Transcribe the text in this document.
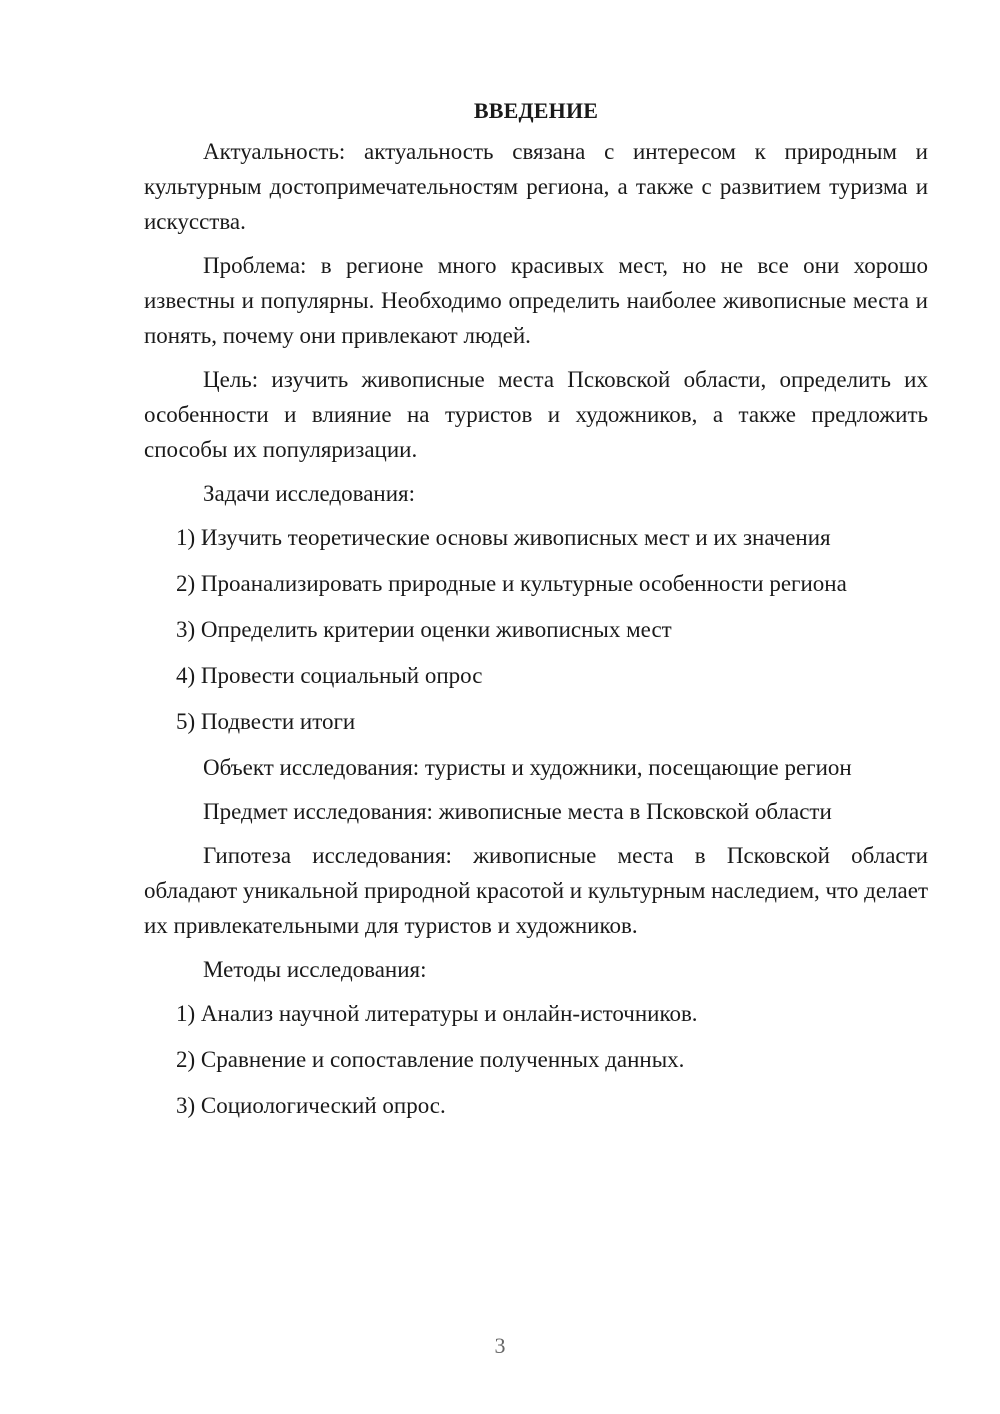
ВВЕДЕНИЕ

Актуальность: актуальность связана с интересом к природным и культурным достопримечательностям региона, а также с развитием туризма и искусства.

Проблема: в регионе много красивых мест, но не все они хорошо известны и популярны. Необходимо определить наиболее живописные места и понять, почему они привлекают людей.

Цель: изучить живописные места Псковской области, определить их особенности и влияние на туристов и художников, а также предложить способы их популяризации.

Задачи исследования:

1) Изучить теоретические основы живописных мест и их значения

2) Проанализировать природные и культурные особенности региона

3) Определить критерии оценки живописных мест

4) Провести социальный опрос

5) Подвести итоги

Объект исследования: туристы и художники, посещающие регион

Предмет исследования: живописные места в Псковской области

Гипотеза исследования: живописные места в Псковской области обладают уникальной природной красотой и культурным наследием, что делает их привлекательными для туристов и художников.

Методы исследования:

1) Анализ научной литературы и онлайн-источников.

2) Сравнение и сопоставление полученных данных.

3) Социологический опрос.

3
